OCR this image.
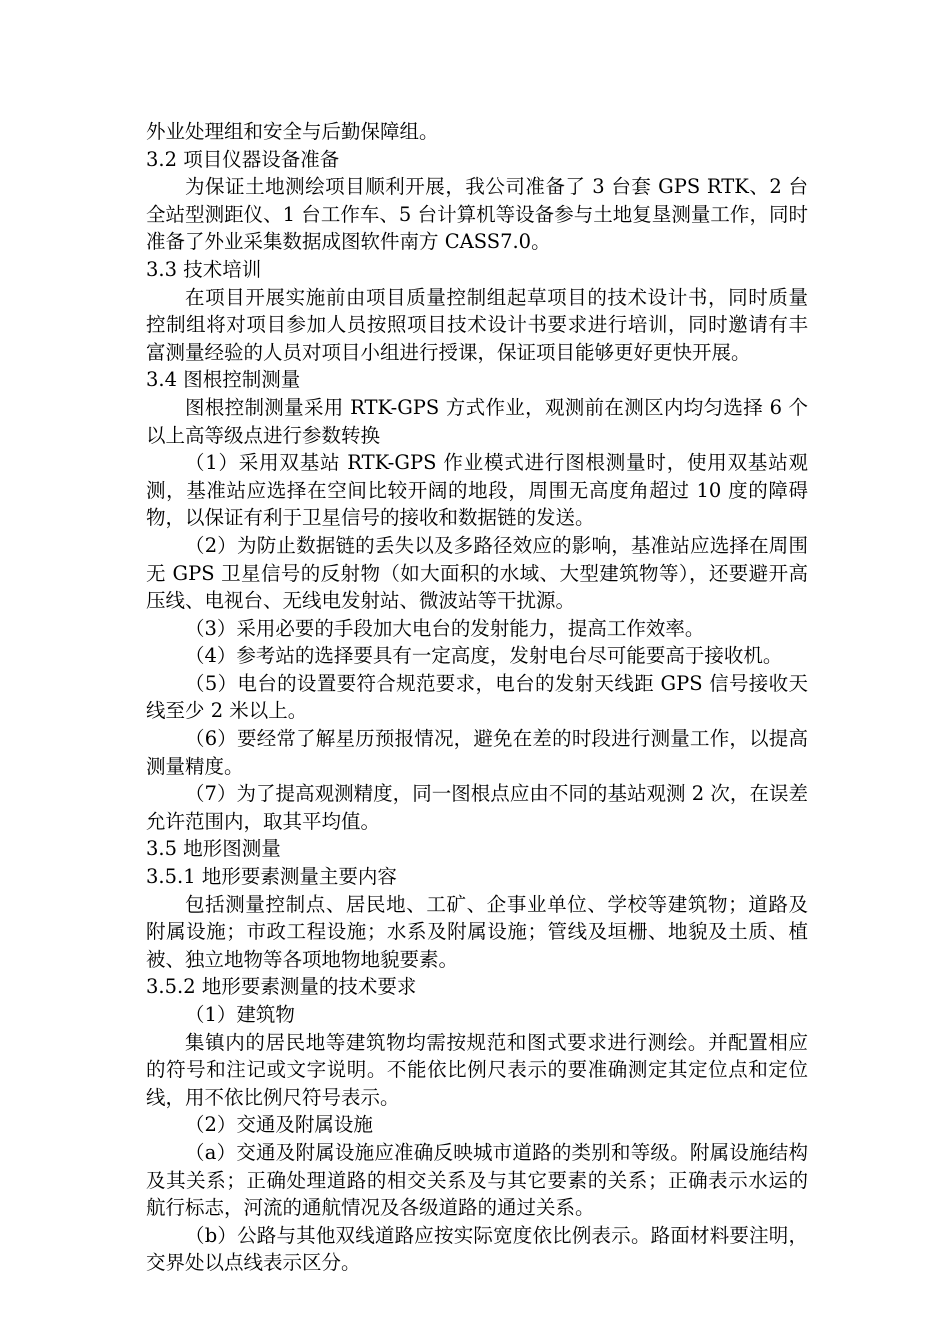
外业处理组和安全与后勤保障组。

3.2 项目仪器设备准备

为保证土地测绘项目顺利开展，我公司准备了 3 台套 GPS RTK、2 台全站型测距仪、1 台工作车、5 台计算机等设备参与土地复垦测量工作，同时准备了外业采集数据成图软件南方 CASS7.0。

3.3 技术培训

在项目开展实施前由项目质量控制组起草项目的技术设计书，同时质量控制组将对项目参加人员按照项目技术设计书要求进行培训，同时邀请有丰富测量经验的人员对项目小组进行授课，保证项目能够更好更快开展。

3.4 图根控制测量

图根控制测量采用 RTK-GPS 方式作业，观测前在测区内均匀选择 6 个以上高等级点进行参数转换

（1）采用双基站 RTK-GPS 作业模式进行图根测量时，使用双基站观测，基准站应选择在空间比较开阔的地段，周围无高度角超过 10 度的障碍物，以保证有利于卫星信号的接收和数据链的发送。

（2）为防止数据链的丢失以及多路径效应的影响，基准站应选择在周围无 GPS 卫星信号的反射物（如大面积的水域、大型建筑物等），还要避开高压线、电视台、无线电发射站、微波站等干扰源。

（3）采用必要的手段加大电台的发射能力，提高工作效率。

（4）参考站的选择要具有一定高度，发射电台尽可能要高于接收机。

（5）电台的设置要符合规范要求，电台的发射天线距 GPS 信号接收天线至少 2 米以上。

（6）要经常了解星历预报情况，避免在差的时段进行测量工作，以提高测量精度。

（7）为了提高观测精度，同一图根点应由不同的基站观测 2 次，在误差允许范围内，取其平均值。

3.5 地形图测量

3.5.1 地形要素测量主要内容

包括测量控制点、居民地、工矿、企事业单位、学校等建筑物；道路及附属设施；市政工程设施；水系及附属设施；管线及垣栅、地貌及土质、植被、独立地物等各项地物地貌要素。

3.5.2 地形要素测量的技术要求

（1）建筑物

集镇内的居民地等建筑物均需按规范和图式要求进行测绘。并配置相应的符号和注记或文字说明。不能依比例尺表示的要准确测定其定位点和定位线，用不依比例尺符号表示。

（2）交通及附属设施

（a）交通及附属设施应准确反映城市道路的类别和等级。附属设施结构及其关系；正确处理道路的相交关系及与其它要素的关系；正确表示水运的航行标志，河流的通航情况及各级道路的通过关系。

（b）公路与其他双线道路应按实际宽度依比例表示。路面材料要注明，交界处以点线表示区分。
